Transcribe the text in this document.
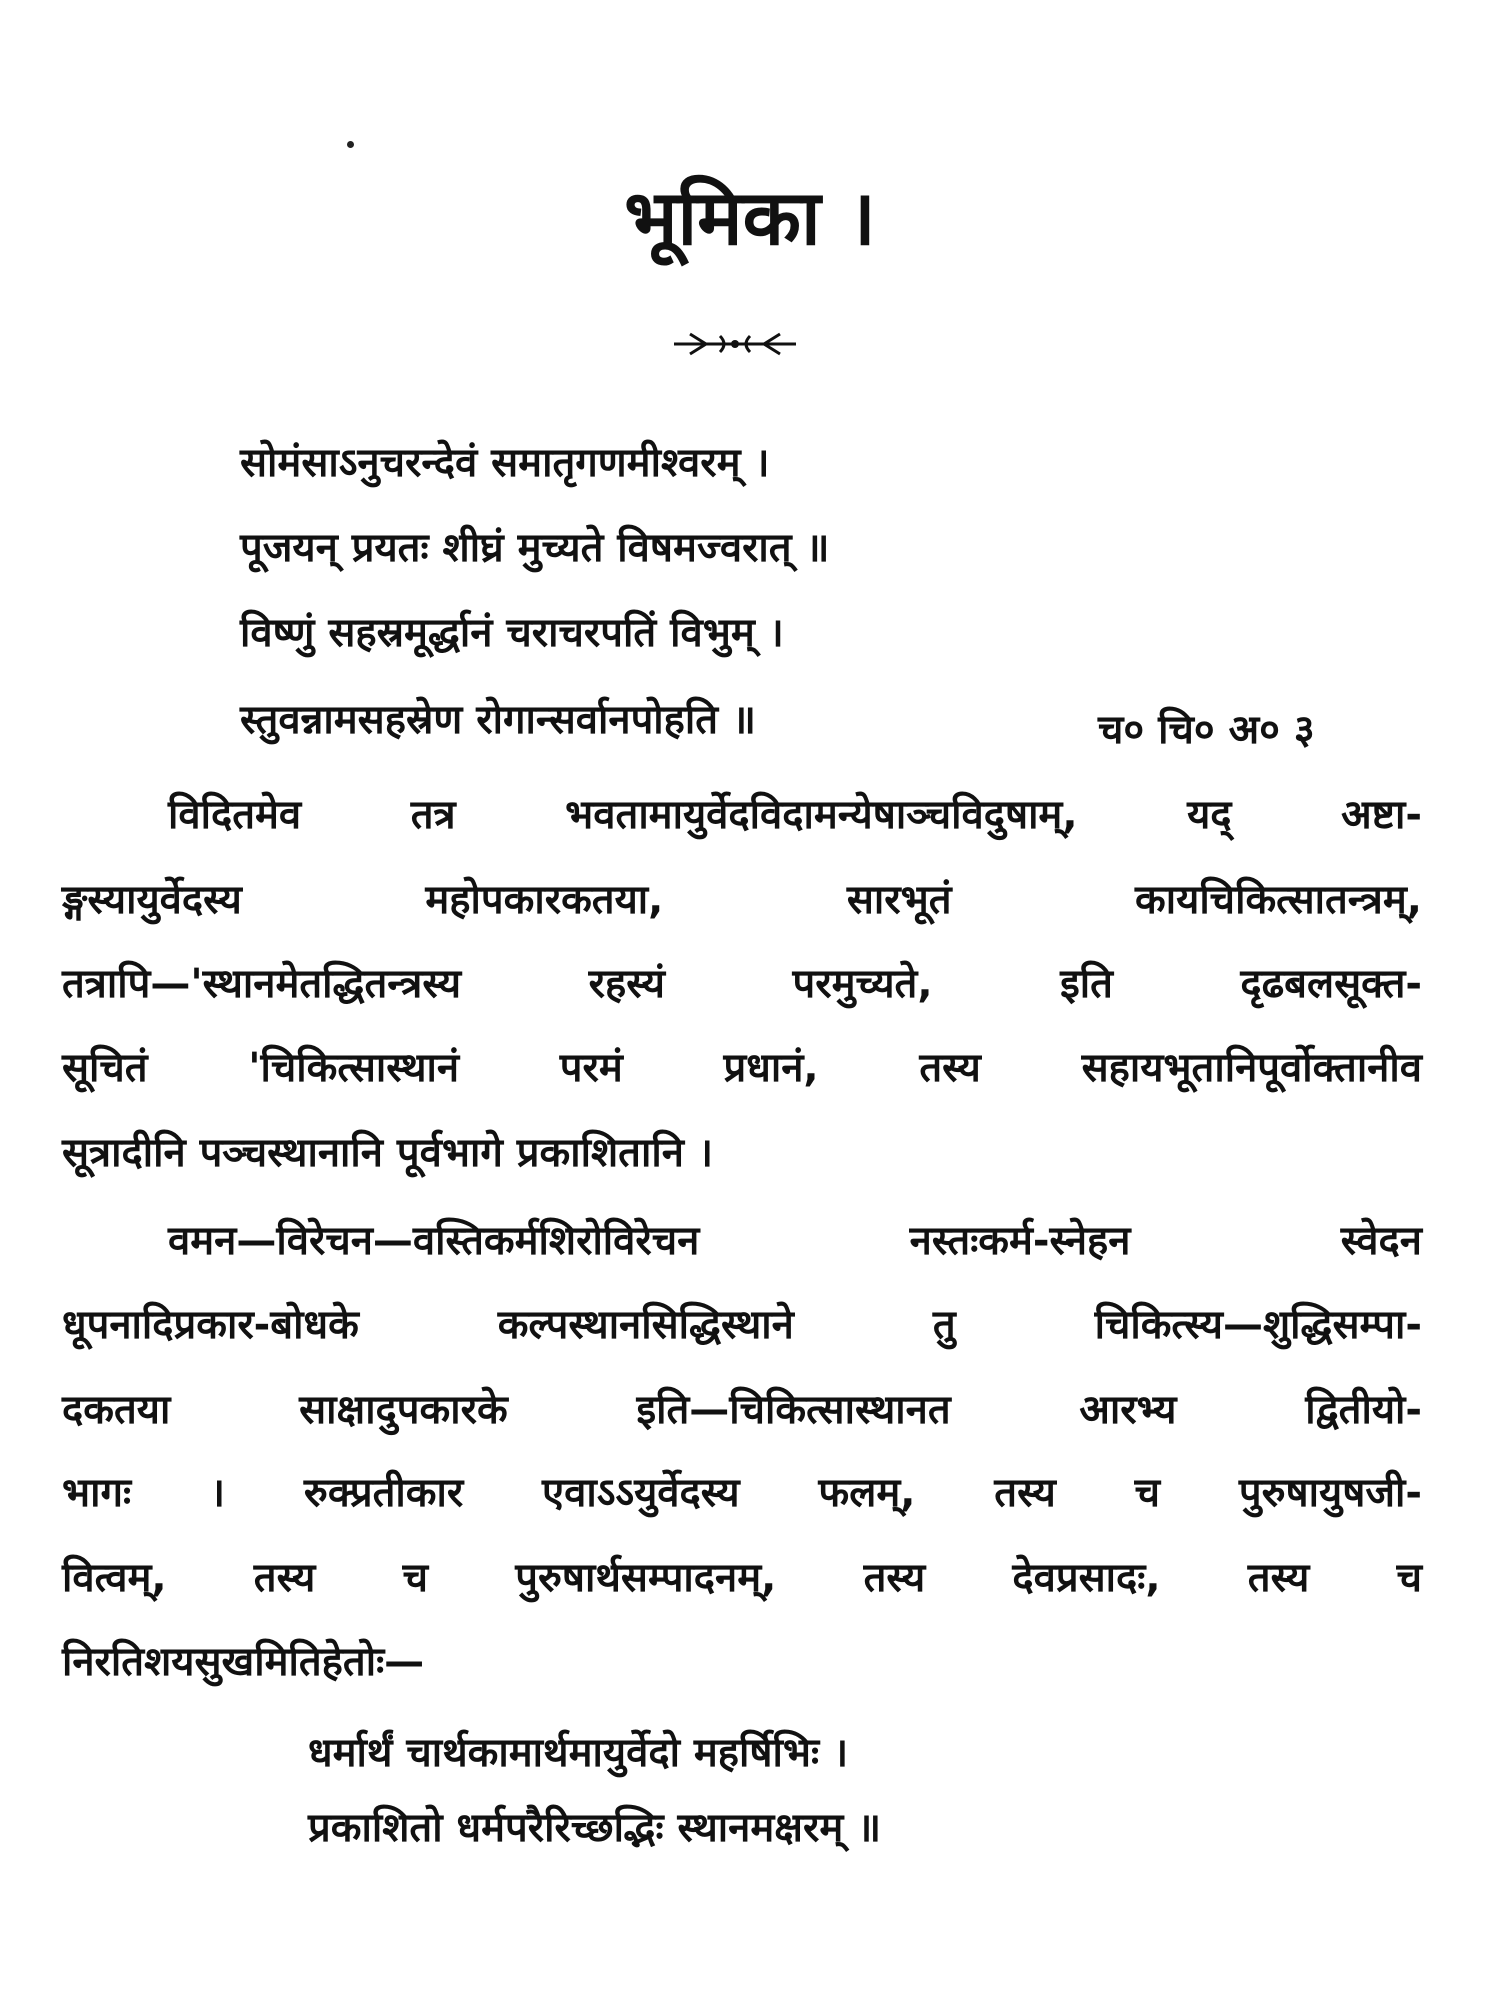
भूमिका ।
सोमंसाऽनुचरन्देवं समातृगणमीश्वरम् ।
पूजयन् प्रयतः शीघ्रं मुच्यते विषमज्वरात् ॥
विष्णुं सहस्रमूर्द्धानं चराचरपतिं विभुम् ।
स्तुवन्नामसहस्रेण रोगान्सर्वानपोहति ॥	च० चि० अ० ३
विदितमेव तत्र भवतामायुर्वेदविदामन्येषाञ्चविदुषाम्, यद् अष्टा-
ङ्गस्यायुर्वेदस्य महोपकारकतया, सारभूतं कायचिकित्सातन्त्रम्,
तत्रापि—'स्थानमेतद्धितन्त्रस्य रहस्यं परमुच्यते, इति दृढबलसूक्त-
सूचितं 'चिकित्सास्थानं परमं प्रधानं, तस्य सहायभूतानिपूर्वोक्तानीव
सूत्रादीनि पञ्चस्थानानि पूर्वभागे प्रकाशितानि ।
वमन—विरेचन—वस्तिकर्मशिरोविरेचन नस्तःकर्म-स्नेहन स्वेदन
धूपनादिप्रकार-बोधके कल्पस्थानसिद्धिस्थाने तु चिकित्स्य—शुद्धिसम्पा-
दकतया साक्षादुपकारके इति—चिकित्सास्थानत आरभ्य द्वितीयो-
भागः । रुक्प्रतीकार एवाऽऽयुर्वेदस्य फलम्, तस्य च पुरुषायुषजी-
वित्वम्, तस्य च पुरुषार्थसम्पादनम्, तस्य देवप्रसादः, तस्य च
निरतिशयसुखमितिहेतोः—
धर्मार्थं चार्थकामार्थमायुर्वेदो महर्षिभिः ।
प्रकाशितो धर्मपरैरिच्छद्भिः स्थानमक्षरम् ॥
